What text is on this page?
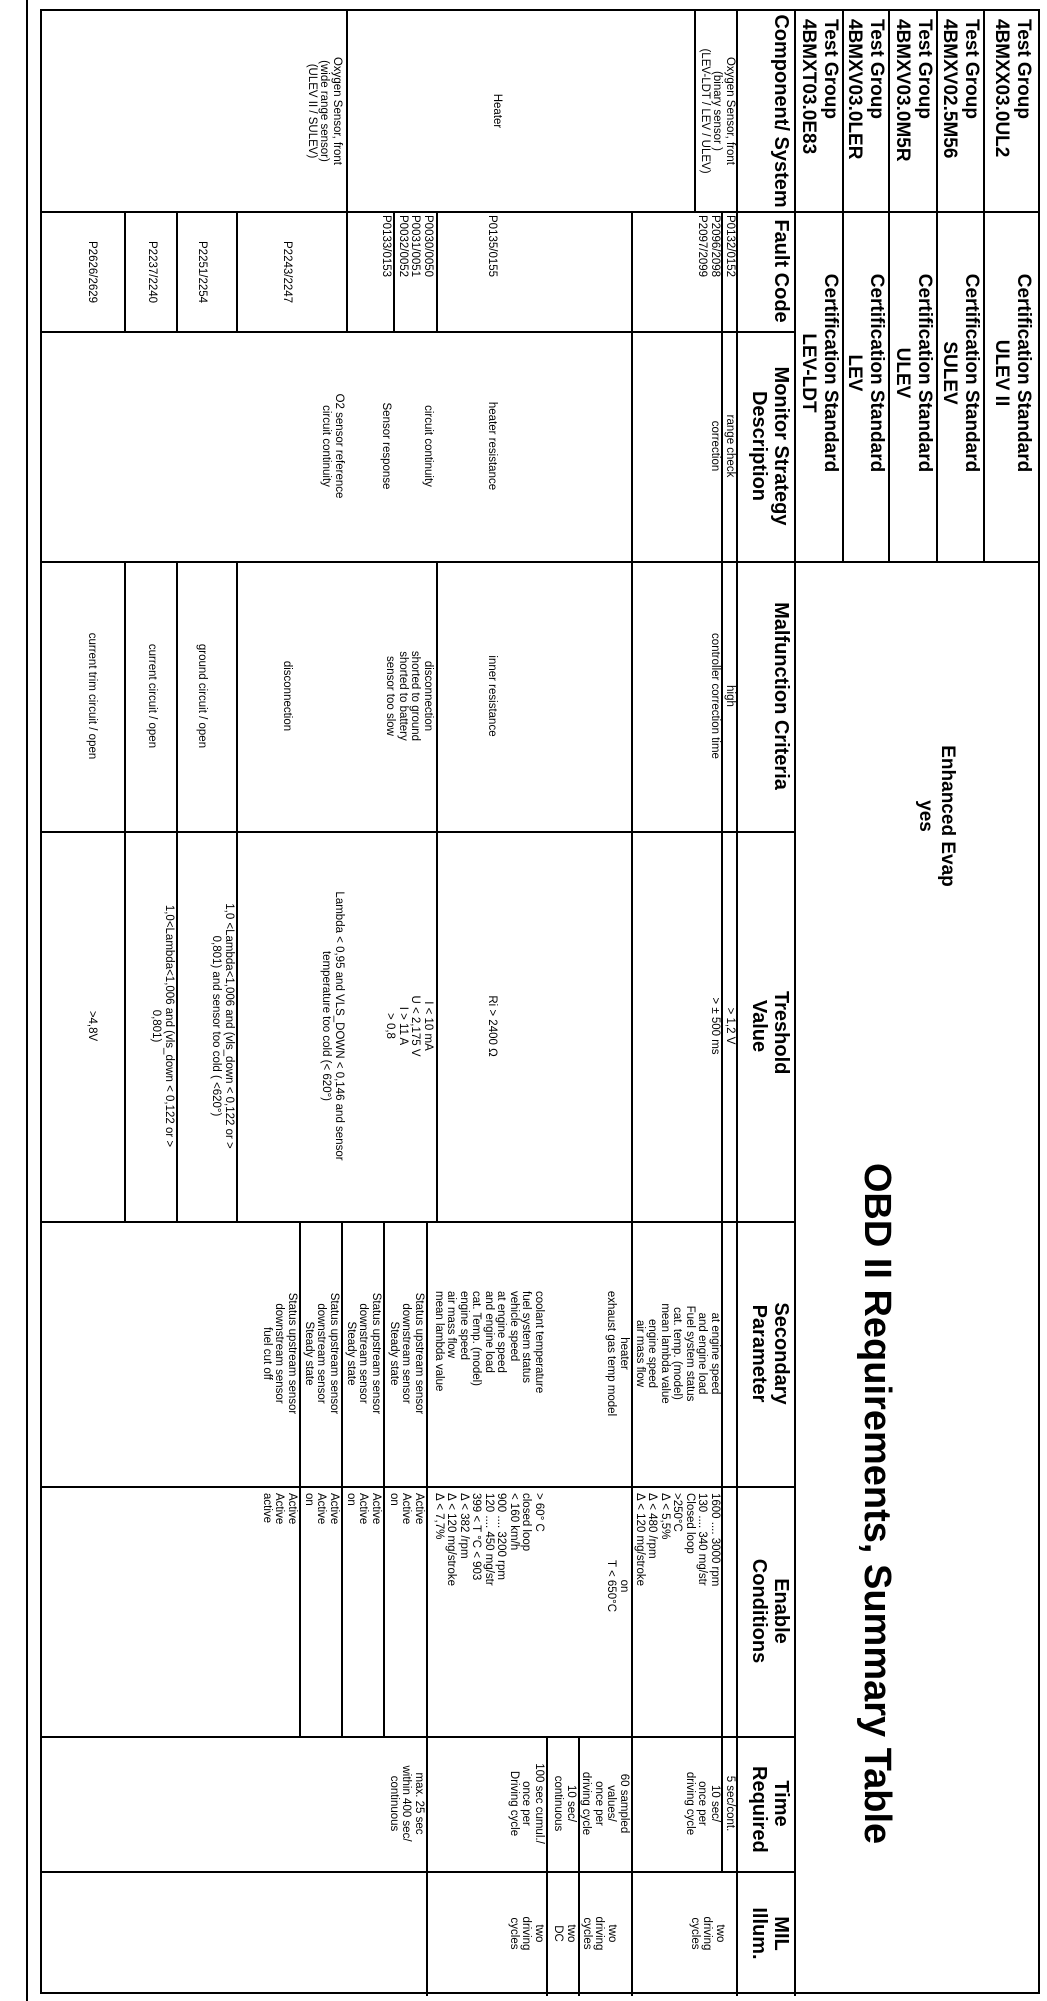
Test Group
4BMXX03.0UL2
Certification Standard
ULEV II
Test Group
4BMXV02.5M56
Certification Standard
SULEV
Test Group
4BMXV03.0M5R
Certification Standard
ULEV
Test Group
4BMXV03.0LER
Certification Standard
LEV
Test Group
4BMXT03.0E83
Certification Standard
LEV-LDT
Enhanced Evap
yes
OBD II Requirements, Summary Table
Component/ System
Fault Code
Monitor Strategy Description
Malfunction Criteria
Treshold Value
Secondary Parameter
Enable Conditions
Time Required
MIL Illum.
Oxygen Sensor, front
(binary sensor )
(LEV-LDT / LEV / ULEV)
Heater
Oxygen Sensor, front
(wide range sensor)
(ULEV II / SULEV)
P0132/0152
range check
high
> 1,2 V
5 sec/cont.
P2096/2098
P2097/2099
correction
controller correction time
> ± 500 ms
at engine speed
and engine load
Fuel system status
cat. temp. (model)
mean lambda value
engine speed
air mass flow
1600 .... 3000 rpm
130 .... 340 mg/str
Closed loop
>250°C
Δ < 5,5%
Δ < 480 /rpm
Δ < 120 mg/stroke
10 sec/
once per
driving cycle
two
driving
cycles
P0135/0155
heater resistance
inner resistance
Ri > 2400 Ω
heater
exhaust gas temp model
on
T < 650°C
60 sampled
values/
once per
driving cycle
two
driving
cycles
P0030/0050
P0031/0051
P0032/0052
circuit continuity
disconnection
shorted to ground
shorted to battery
sensor too slow
I < 10 mA
U < 2,175 V
I > 11 A
> 0,8
10 sec/
continuous
two
DC
P0133/0153
Sensor response
coolant temperature
fuel system status
vehicle speed
at engine speed
and engine load
cat. Temp. (model)
engine speed
air mass flow
mean lambda value
> 60° C
closed loop
< 160 km/h
900 .... 3200 rpm
120 .... 450 mg/str
399 < T °C < 903
Δ < 382 /rpm
Δ < 120 mg/stroke
Δ < 7,7%
100 sec cumul./
once per
Driving cycle
two
driving
cycles
P2243/2247
O2 sensor reference
circuit continuity
disconnection
Lambda < 0,95 and VLS_DOWN < 0,146 and sensor
temperature too cold (< 620°)
Status upstream sensor
downstream sensor
Steady state
Active
Active
on
max. 25 sec
within 400 sec/
continuous
P2251/2254
ground circuit / open
1,0 <Lambda<1,006 and (vls_down < 0,122 or >
0,801) and sensor too cold ( <620°)
Status upstream sensor
downstream sensor
Steady state
Active
Active
on
P2237/2240
current circuit / open
1,0<Lambda<1,006 and (vls_down < 0,122 or >
0,801)
Status upstream sensor
downstream sensor
Steady state
Active
Active
on
P2626/2629
current trim circuit / open
>4,8V
Status upstream sensor
downstream sensor
fuel cut off
Active
Active
active
